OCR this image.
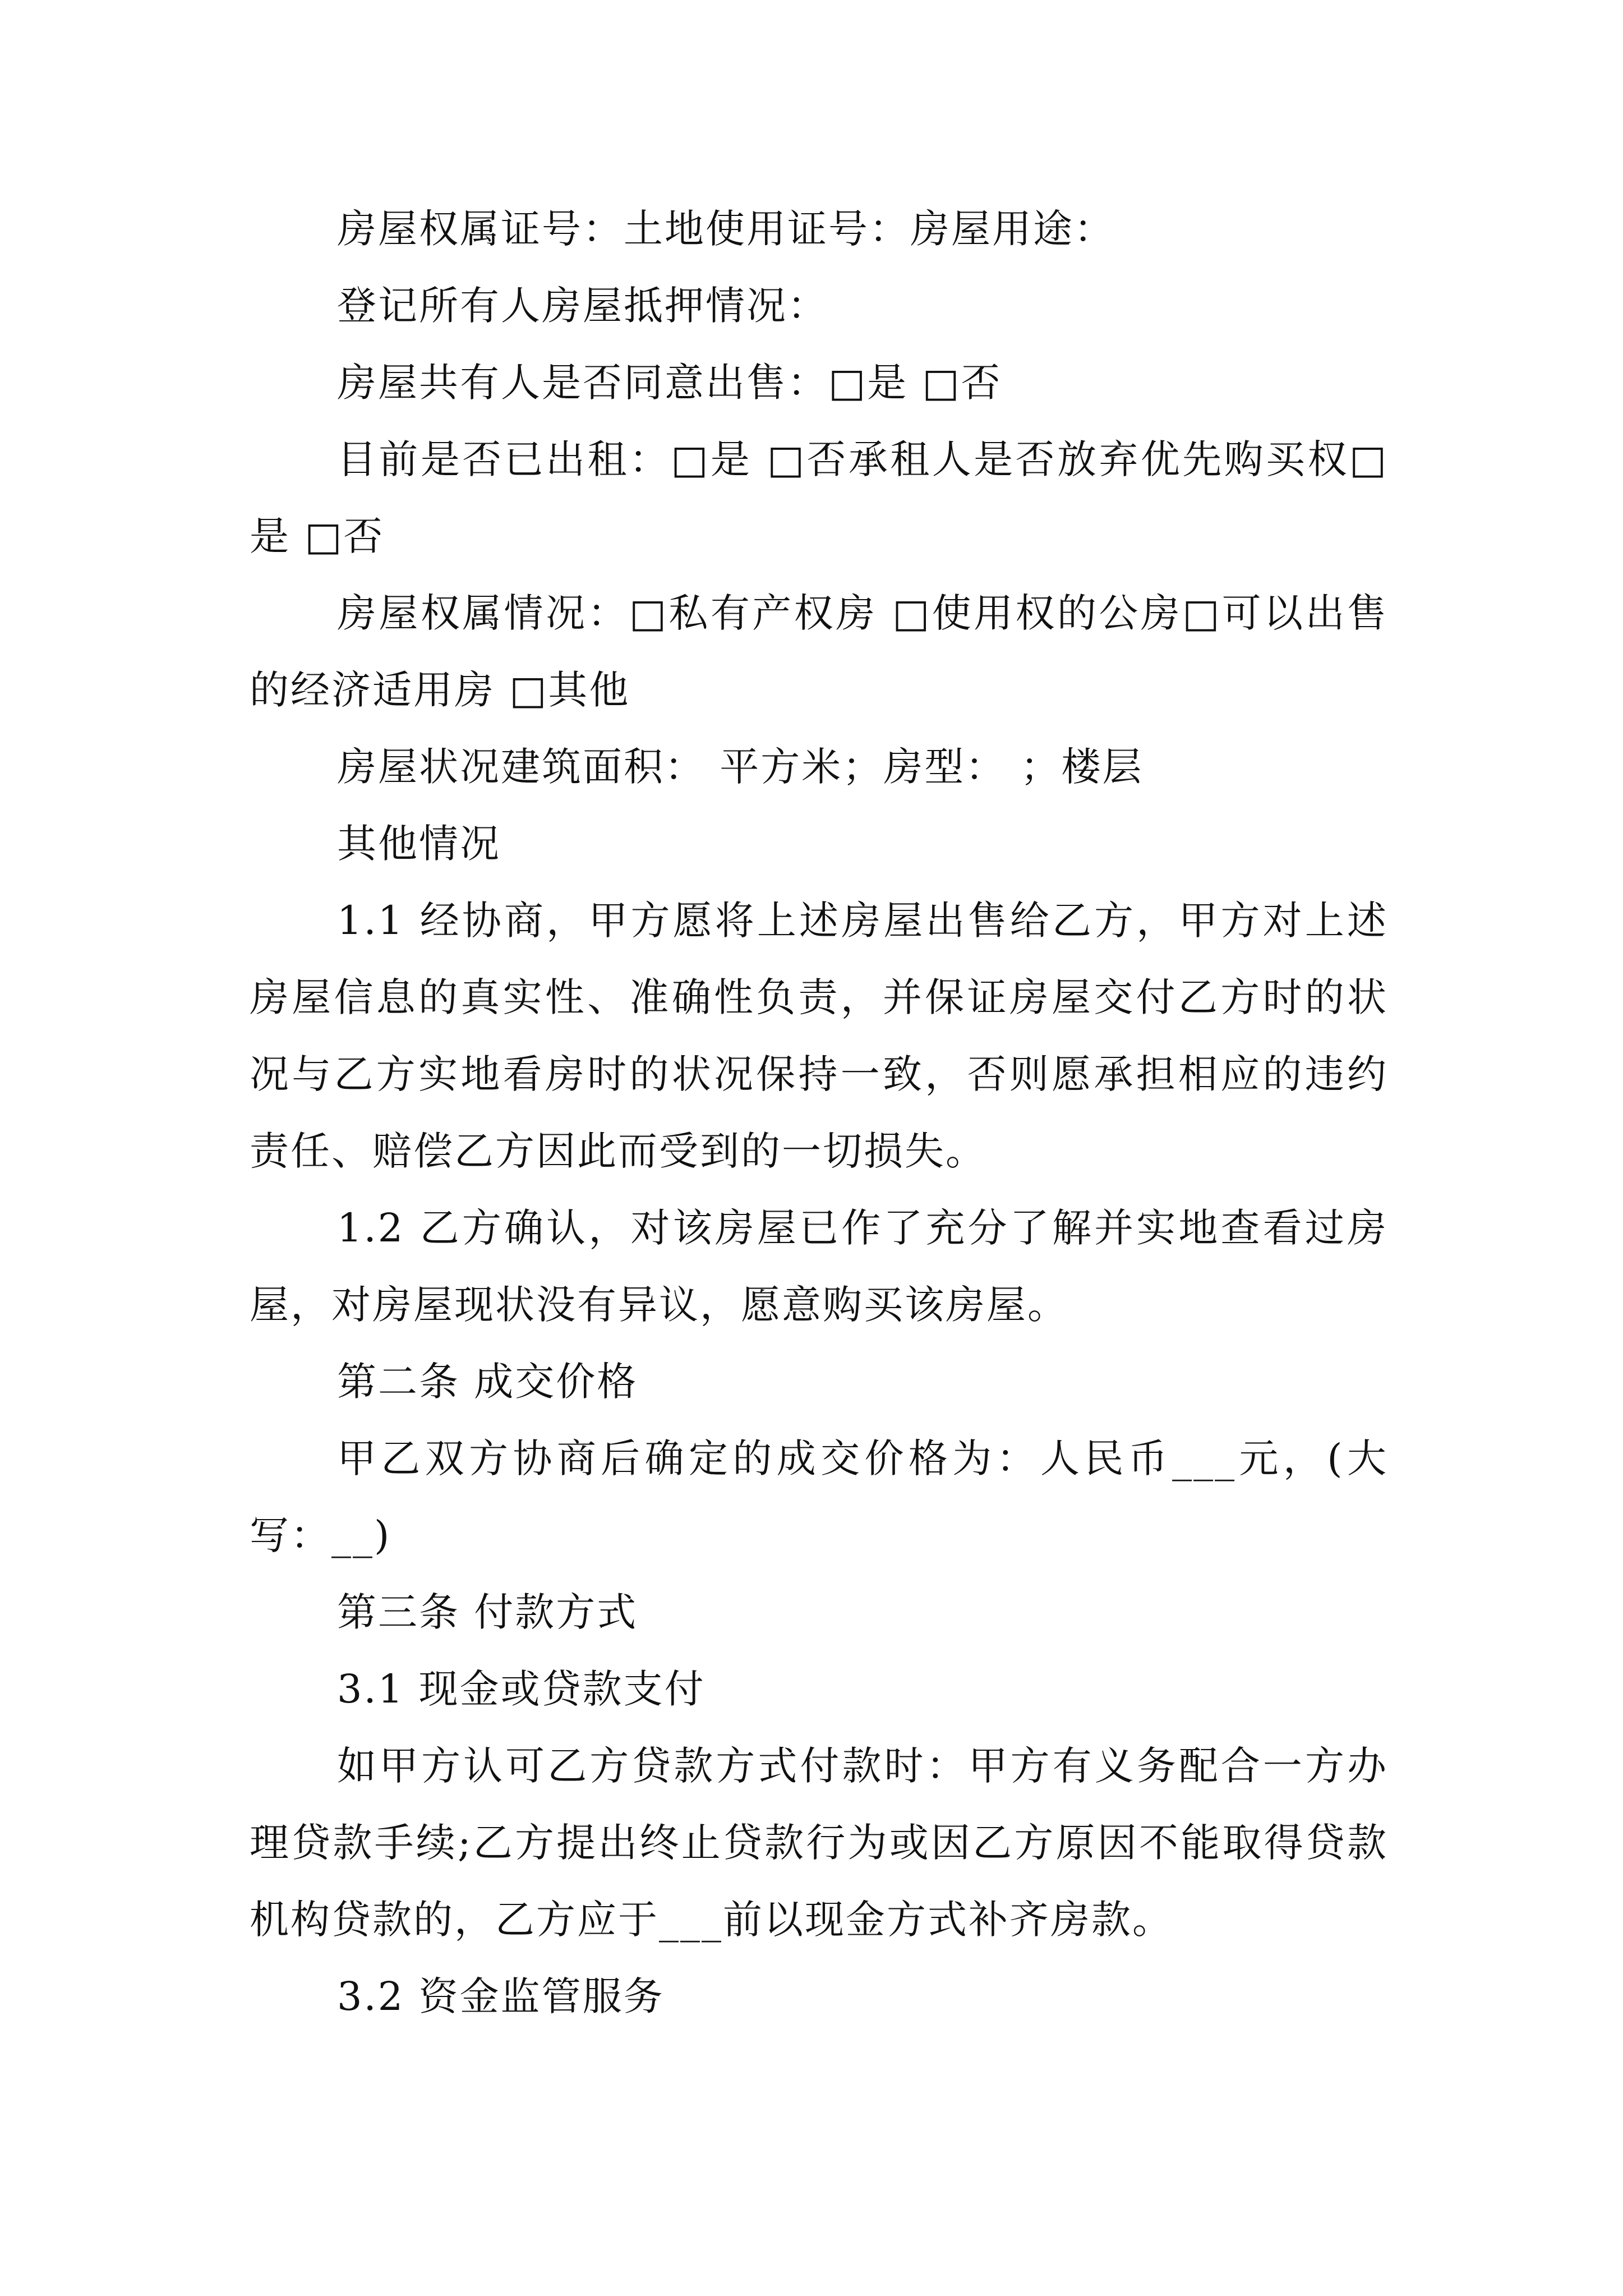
房屋权属证号：土地使用证号：房屋用途：

登记所有人房屋抵押情况：

房屋共有人是否同意出售：□是 □否

目前是否已出租：□是 □否承租人是否放弃优先购买权□是 □否

房屋权属情况：□私有产权房 □使用权的公房□可以出售的经济适用房 □其他

房屋状况建筑面积： 平方米；房型： ；楼层

其他情况

1.1 经协商，甲方愿将上述房屋出售给乙方，甲方对上述房屋信息的真实性、准确性负责，并保证房屋交付乙方时的状况与乙方实地看房时的状况保持一致，否则愿承担相应的违约责任、赔偿乙方因此而受到的一切损失。

1.2 乙方确认，对该房屋已作了充分了解并实地查看过房屋，对房屋现状没有异议，愿意购买该房屋。

第二条 成交价格

甲乙双方协商后确定的成交价格为：人民币___元，(大写：__)

第三条 付款方式

3.1 现金或贷款支付

如甲方认可乙方贷款方式付款时：甲方有义务配合一方办理贷款手续;乙方提出终止贷款行为或因乙方原因不能取得贷款机构贷款的，乙方应于___前以现金方式补齐房款。

3.2 资金监管服务
